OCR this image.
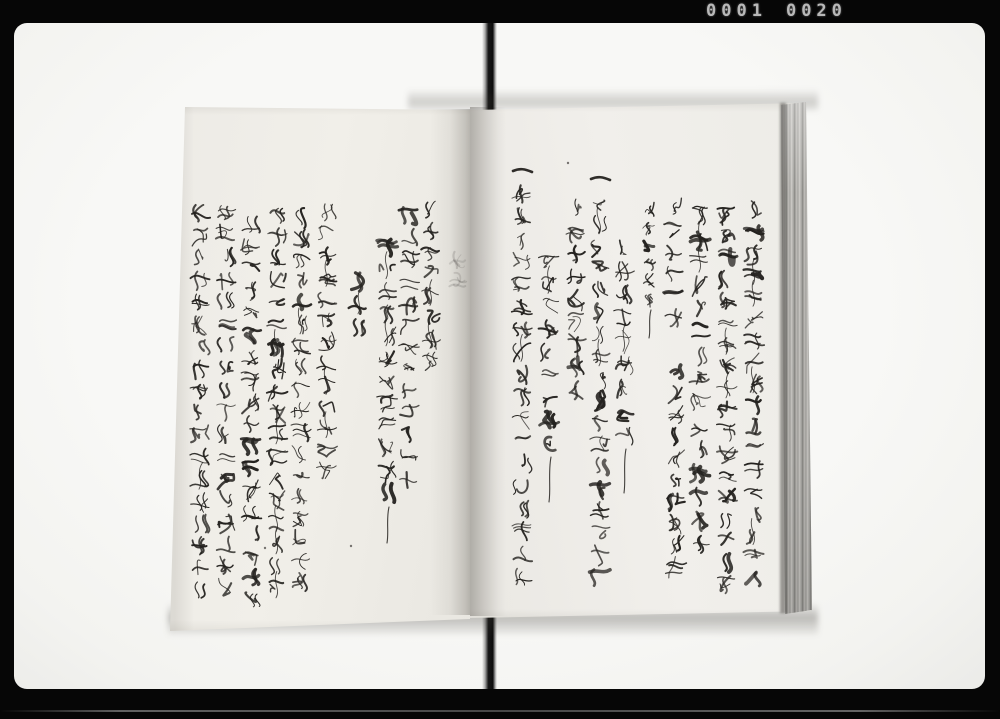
0001 0020
